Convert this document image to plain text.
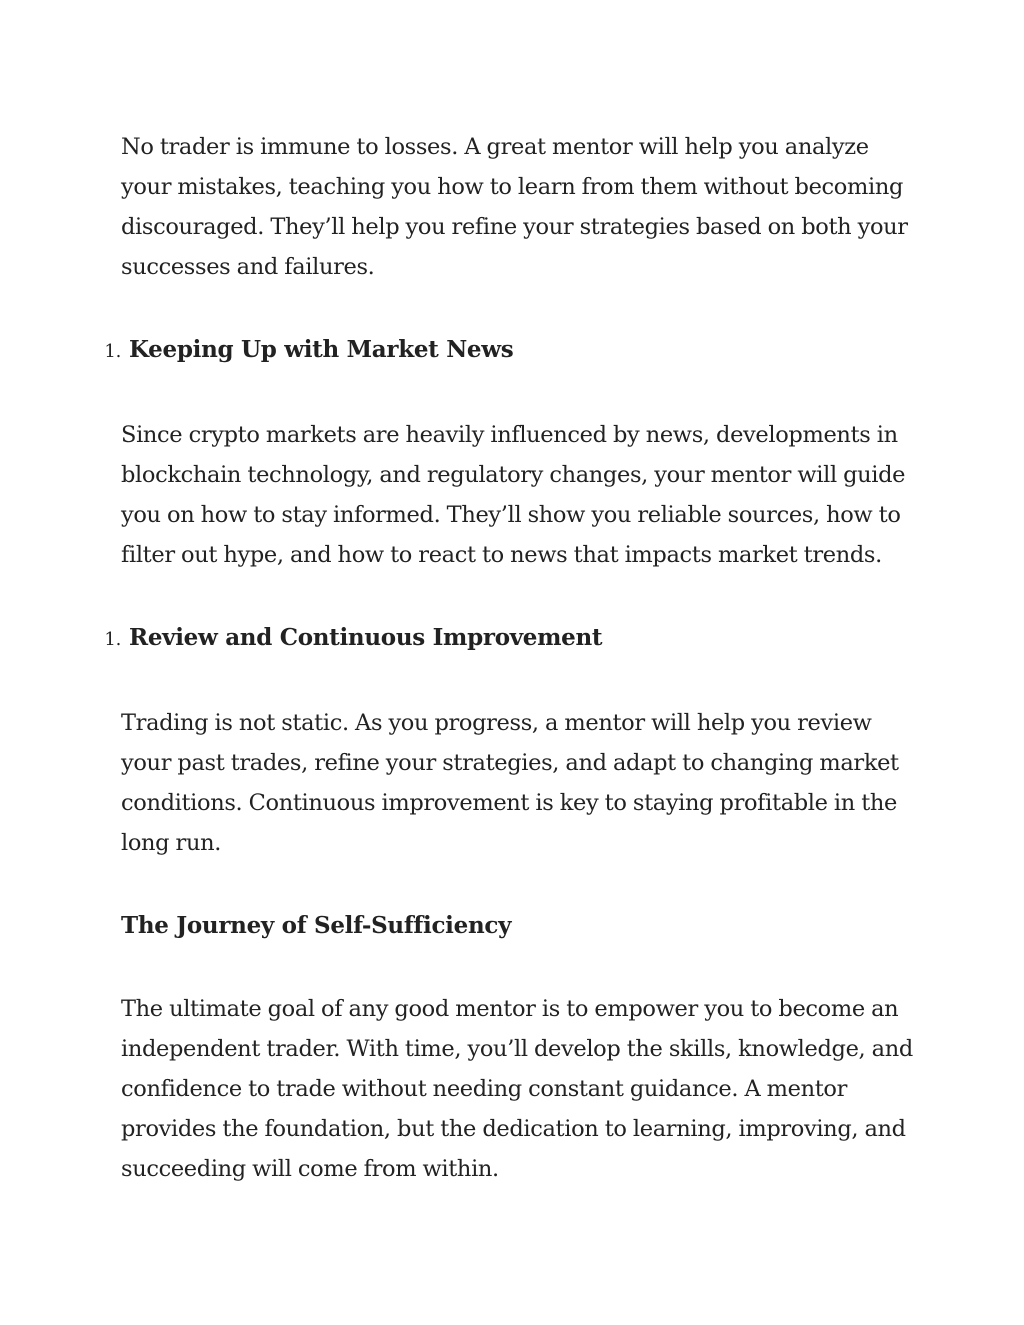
No trader is immune to losses. A great mentor will help you analyze your mistakes, teaching you how to learn from them without becoming discouraged. They’ll help you refine your strategies based on both your successes and failures.

1. Keeping Up with Market News

Since crypto markets are heavily influenced by news, developments in blockchain technology, and regulatory changes, your mentor will guide you on how to stay informed. They’ll show you reliable sources, how to filter out hype, and how to react to news that impacts market trends.

1. Review and Continuous Improvement

Trading is not static. As you progress, a mentor will help you review your past trades, refine your strategies, and adapt to changing market conditions. Continuous improvement is key to staying profitable in the long run.

The Journey of Self-Sufficiency

The ultimate goal of any good mentor is to empower you to become an independent trader. With time, you’ll develop the skills, knowledge, and confidence to trade without needing constant guidance. A mentor provides the foundation, but the dedication to learning, improving, and succeeding will come from within.
